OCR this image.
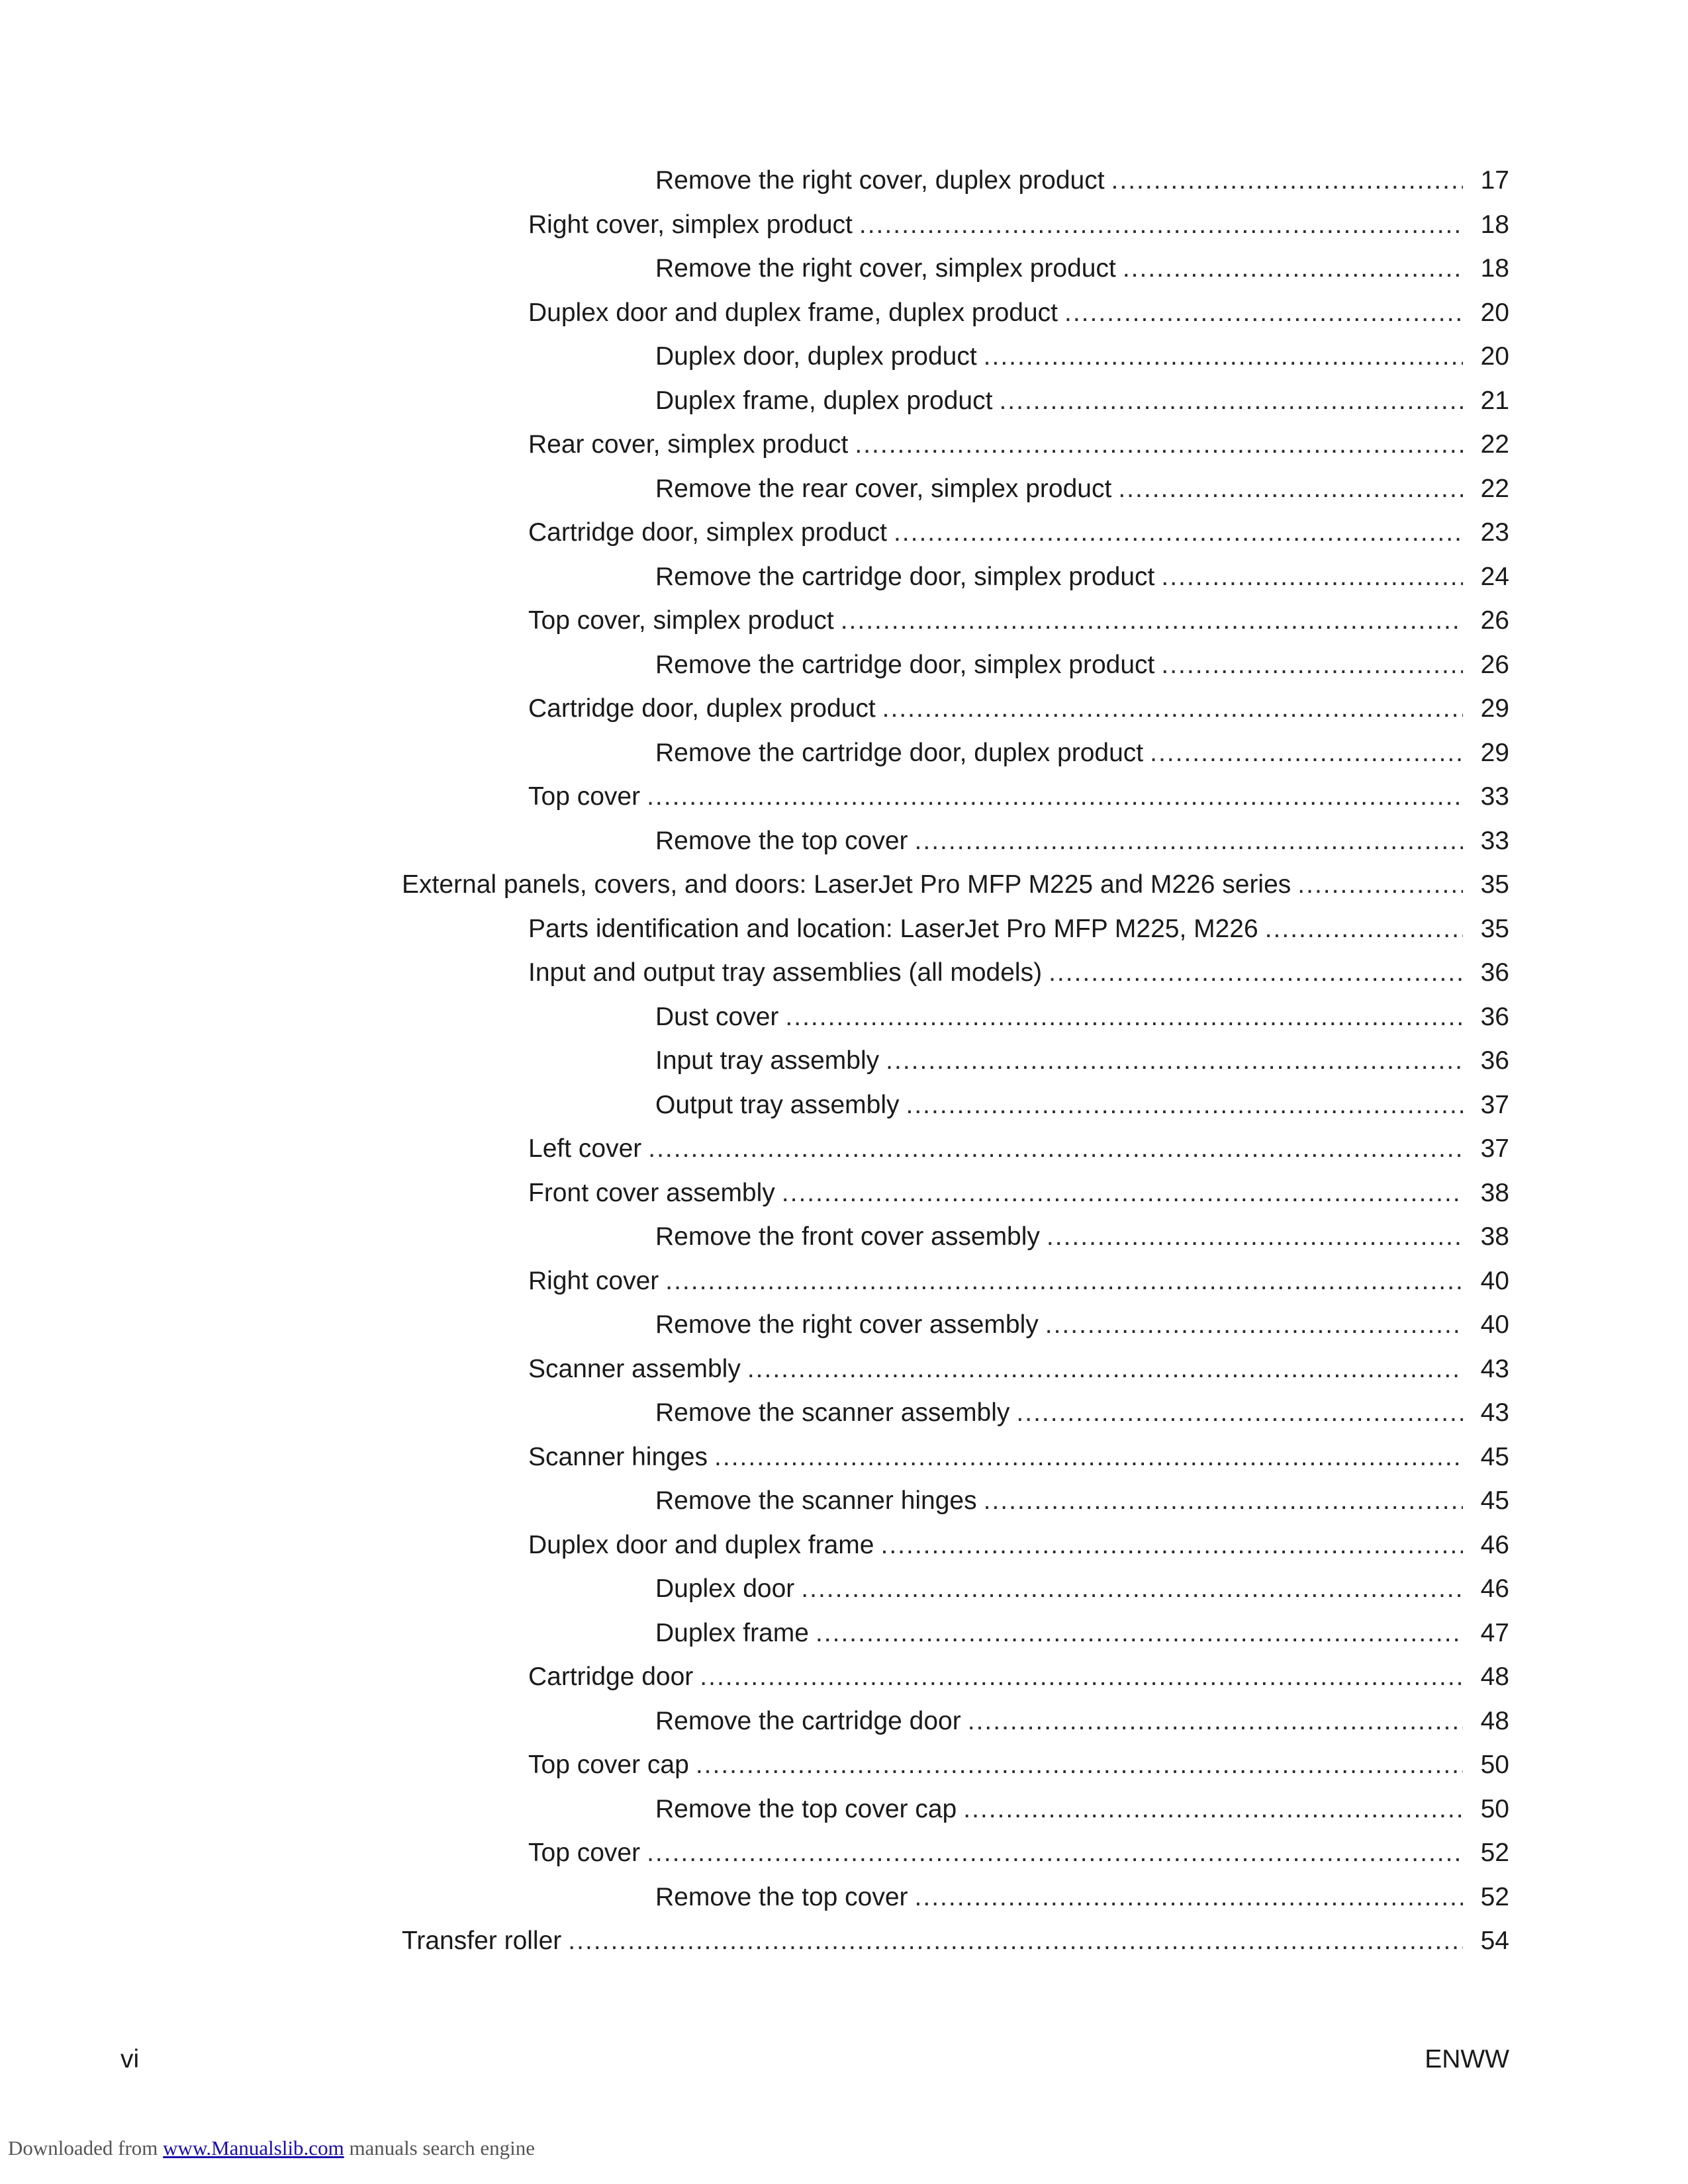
Remove the right cover, duplex product .....	17
Right cover, simplex product .....	18
Remove the right cover, simplex product .....	18
Duplex door and duplex frame, duplex product .....	20
Duplex door, duplex product .....	20
Duplex frame, duplex product .....	21
Rear cover, simplex product .....	22
Remove the rear cover, simplex product .....	22
Cartridge door, simplex product .....	23
Remove the cartridge door, simplex product .....	24
Top cover, simplex product .....	26
Remove the cartridge door, simplex product .....	26
Cartridge door, duplex product .....	29
Remove the cartridge door, duplex product .....	29
Top cover .....	33
Remove the top cover .....	33
External panels, covers, and doors: LaserJet Pro MFP M225 and M226 series .....	35
Parts identification and location: LaserJet Pro MFP M225, M226 .....	35
Input and output tray assemblies (all models) .....	36
Dust cover .....	36
Input tray assembly .....	36
Output tray assembly .....	37
Left cover .....	37
Front cover assembly .....	38
Remove the front cover assembly .....	38
Right cover .....	40
Remove the right cover assembly .....	40
Scanner assembly .....	43
Remove the scanner assembly .....	43
Scanner hinges .....	45
Remove the scanner hinges .....	45
Duplex door and duplex frame .....	46
Duplex door .....	46
Duplex frame .....	47
Cartridge door .....	48
Remove the cartridge door .....	48
Top cover cap .....	50
Remove the top cover cap .....	50
Top cover .....	52
Remove the top cover .....	52
Transfer roller .....	54
vi	ENWW
Downloaded from www.Manualslib.com manuals search engine
